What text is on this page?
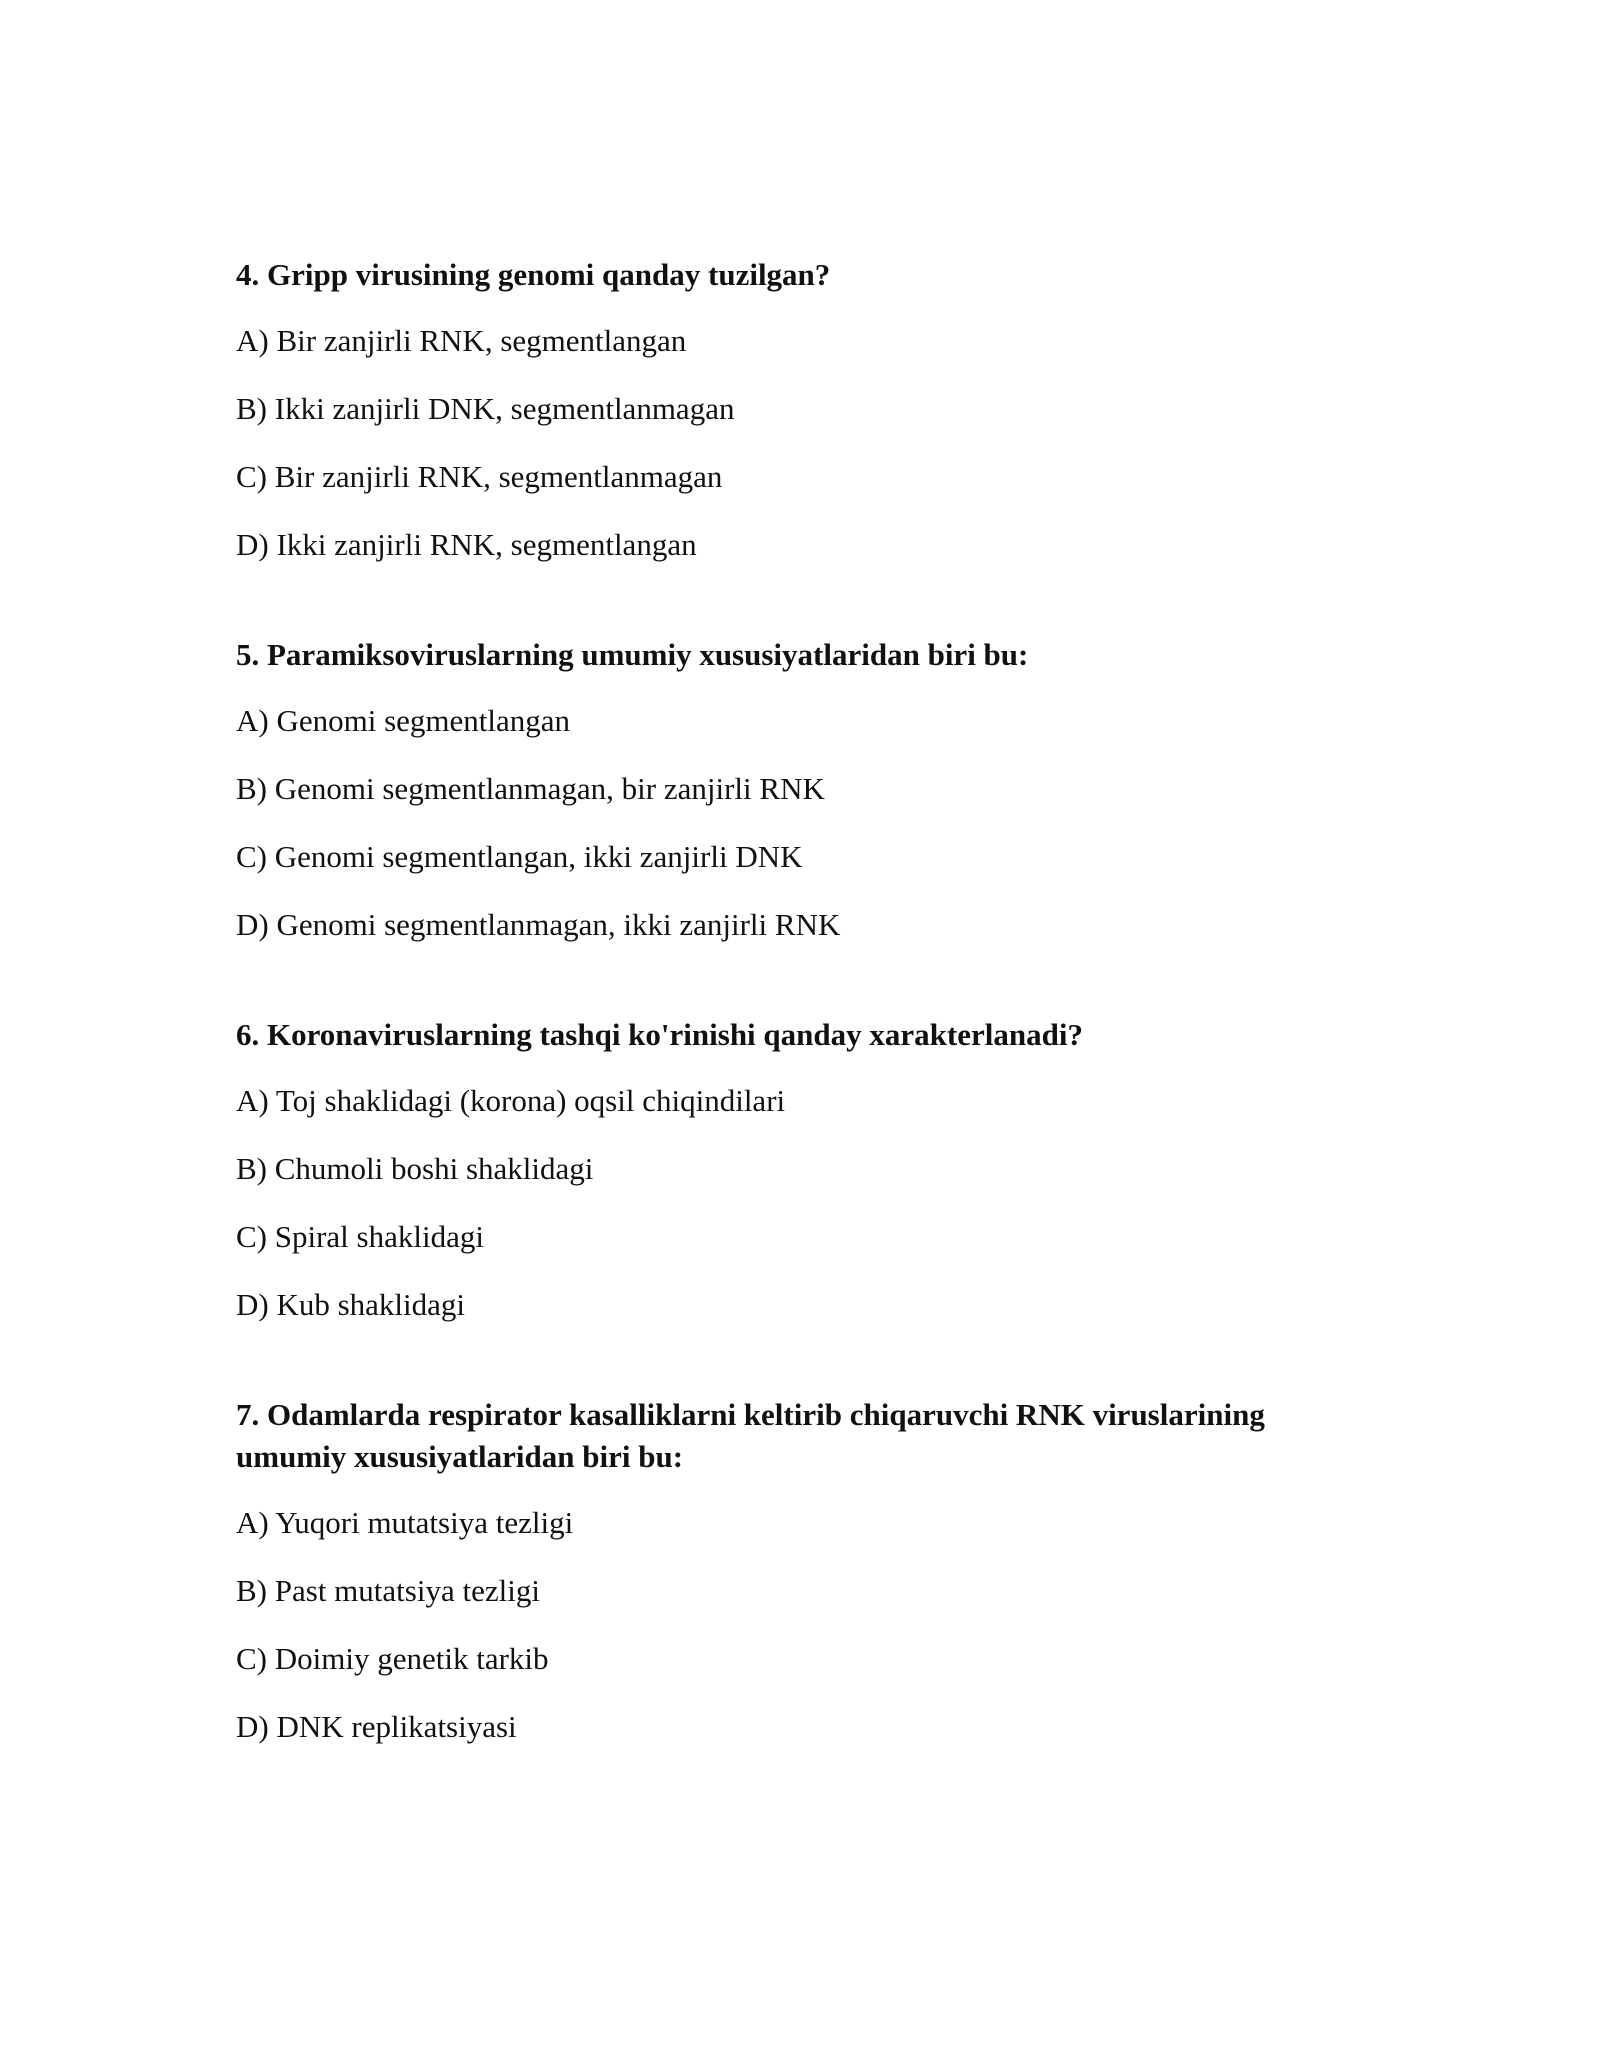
4. Gripp virusining genomi qanday tuzilgan?
A) Bir zanjirli RNK, segmentlangan
B) Ikki zanjirli DNK, segmentlanmagan
C) Bir zanjirli RNK, segmentlanmagan
D) Ikki zanjirli RNK, segmentlangan
5. Paramiksoviruslarning umumiy xususiyatlaridan biri bu:
A) Genomi segmentlangan
B) Genomi segmentlanmagan, bir zanjirli RNK
C) Genomi segmentlangan, ikki zanjirli DNK
D) Genomi segmentlanmagan, ikki zanjirli RNK
6. Koronaviruslarning tashqi ko'rinishi qanday xarakterlanadi?
A) Toj shaklidagi (korona) oqsil chiqindilari
B) Chumoli boshi shaklidagi
C) Spiral shaklidagi
D) Kub shaklidagi
7. Odamlarda respirator kasalliklarni keltirib chiqaruvchi RNK viruslarining umumiy xususiyatlaridan biri bu:
A) Yuqori mutatsiya tezligi
B) Past mutatsiya tezligi
C) Doimiy genetik tarkib
D) DNK replikatsiyasi
